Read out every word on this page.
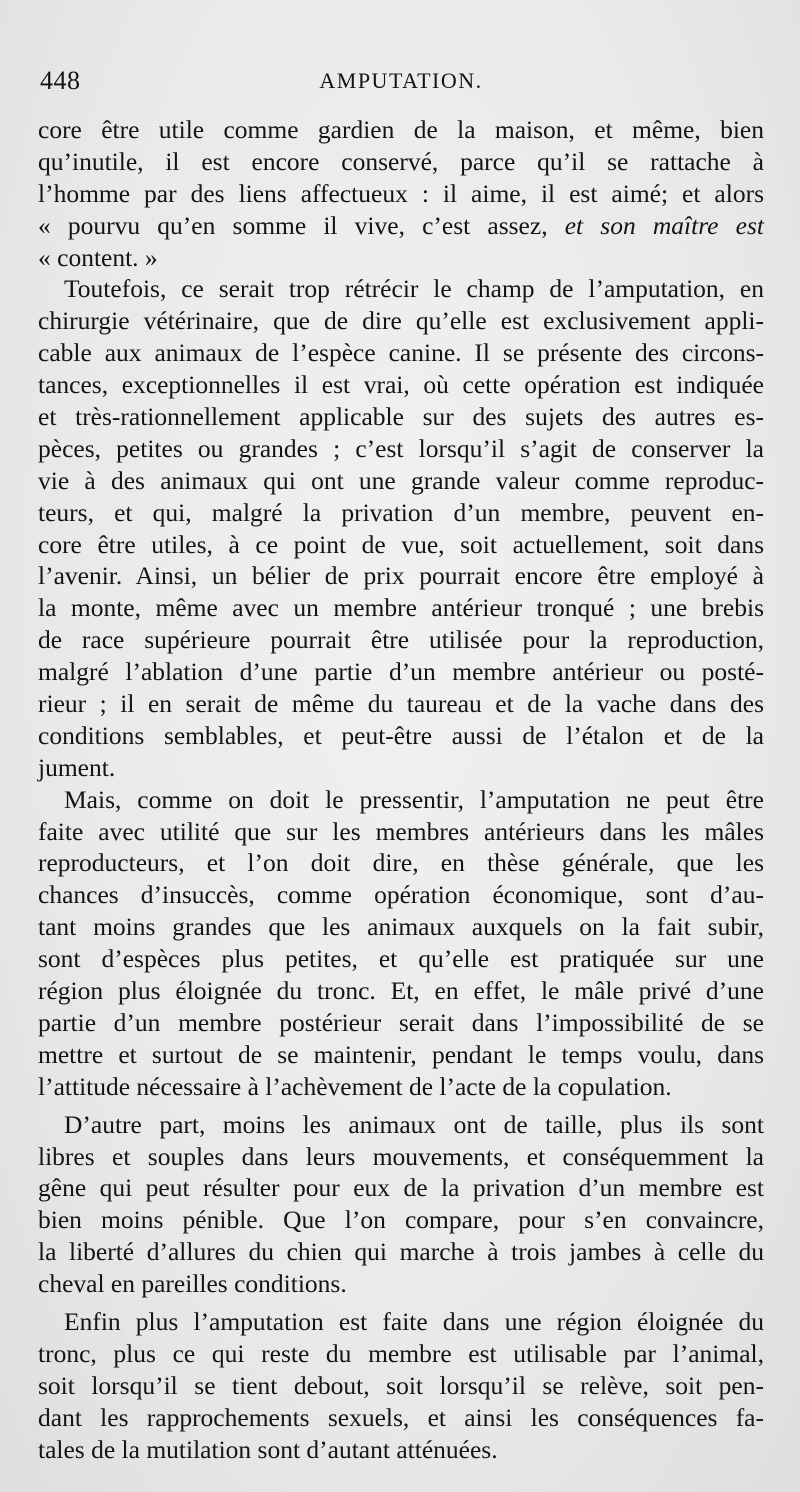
448	AMPUTATION.
core être utile comme gardien de la maison, et même, bien
qu’inutile, il est encore conservé, parce qu’il se rattache à
l’homme par des liens affectueux : il aime, il est aimé; et alors
« pourvu qu’en somme il vive, c’est assez, et son maître est
« content. »
Toutefois, ce serait trop rétrécir le champ de l’amputation, en
chirurgie vétérinaire, que de dire qu’elle est exclusivement appli-
cable aux animaux de l’espèce canine. Il se présente des circons-
tances, exceptionnelles il est vrai, où cette opération est indiquée
et très-rationnellement applicable sur des sujets des autres es-
pèces, petites ou grandes ; c’est lorsqu’il s’agit de conserver la
vie à des animaux qui ont une grande valeur comme reproduc-
teurs, et qui, malgré la privation d’un membre, peuvent en-
core être utiles, à ce point de vue, soit actuellement, soit dans
l’avenir. Ainsi, un bélier de prix pourrait encore être employé à
la monte, même avec un membre antérieur tronqué ; une brebis
de race supérieure pourrait être utilisée pour la reproduction,
malgré l’ablation d’une partie d’un membre antérieur ou posté-
rieur ; il en serait de même du taureau et de la vache dans des
conditions semblables, et peut-être aussi de l’étalon et de la
jument.
Mais, comme on doit le pressentir, l’amputation ne peut être
faite avec utilité que sur les membres antérieurs dans les mâles
reproducteurs, et l’on doit dire, en thèse générale, que les
chances d’insuccès, comme opération économique, sont d’au-
tant moins grandes que les animaux auxquels on la fait subir,
sont d’espèces plus petites, et qu’elle est pratiquée sur une
région plus éloignée du tronc. Et, en effet, le mâle privé d’une
partie d’un membre postérieur serait dans l’impossibilité de se
mettre et surtout de se maintenir, pendant le temps voulu, dans
l’attitude nécessaire à l’achèvement de l’acte de la copulation.
D’autre part, moins les animaux ont de taille, plus ils sont
libres et souples dans leurs mouvements, et conséquemment la
gêne qui peut résulter pour eux de la privation d’un membre est
bien moins pénible. Que l’on compare, pour s’en convaincre,
la liberté d’allures du chien qui marche à trois jambes à celle du
cheval en pareilles conditions.
Enfin plus l’amputation est faite dans une région éloignée du
tronc, plus ce qui reste du membre est utilisable par l’animal,
soit lorsqu’il se tient debout, soit lorsqu’il se relève, soit pen-
dant les rapprochements sexuels, et ainsi les conséquences fa-
tales de la mutilation sont d’autant atténuées.
